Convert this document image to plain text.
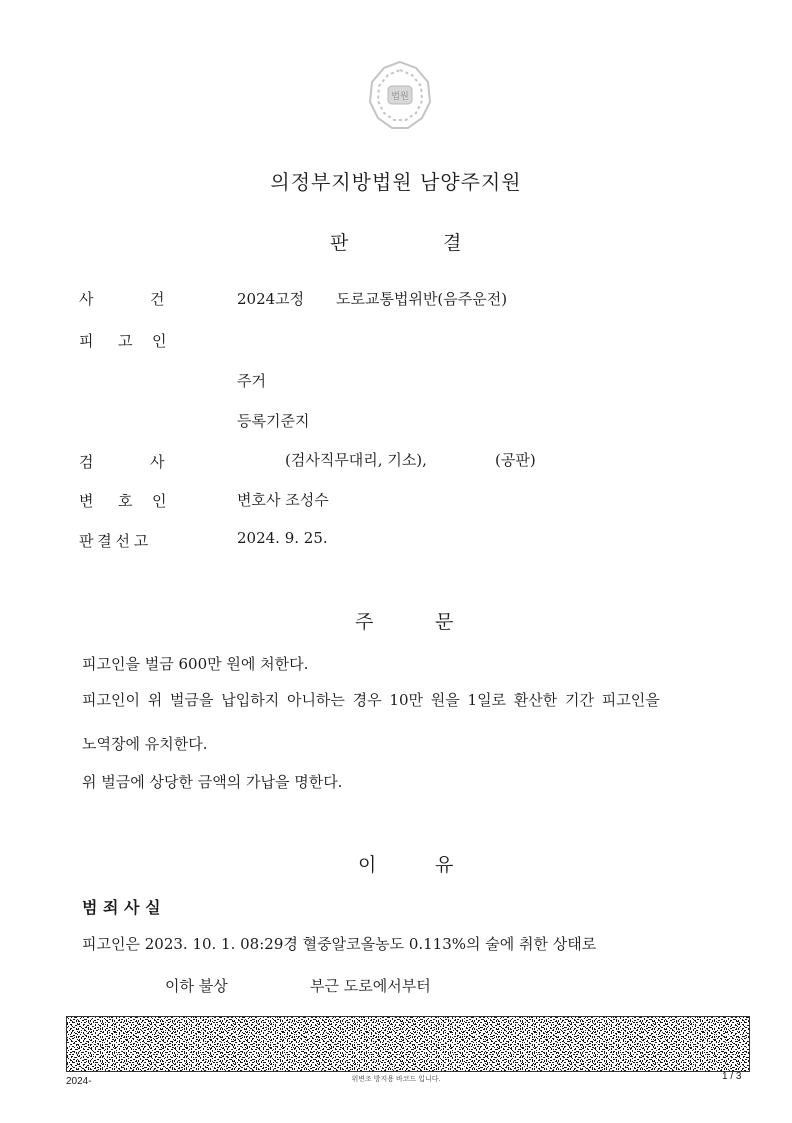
법원
의정부지방법원 남양주지원
판	결
사	건	2024고정 도로교통법위반(음주운전)
피 고 인
주거
등록기준지
검	사	(검사직무대리, 기소),	(공판)
변 호 인	변호사 조성수
판 결 선 고	2024. 9. 25.
주	문
피고인을 벌금 600만 원에 처한다.
피고인이 위 벌금을 납입하지 아니하는 경우 10만 원을 1일로 환산한 기간 피고인을
노역장에 유치한다.
위 벌금에 상당한 금액의 가납을 명한다.
이	유
범 죄 사 실
피고인은 2023. 10. 1. 08:29경 혈중알코올농도 0.113%의 술에 취한 상태로
이하 불상	부근 도로에서부터
2024-	위변조 방지용 바코드 입니다.	1 / 3
